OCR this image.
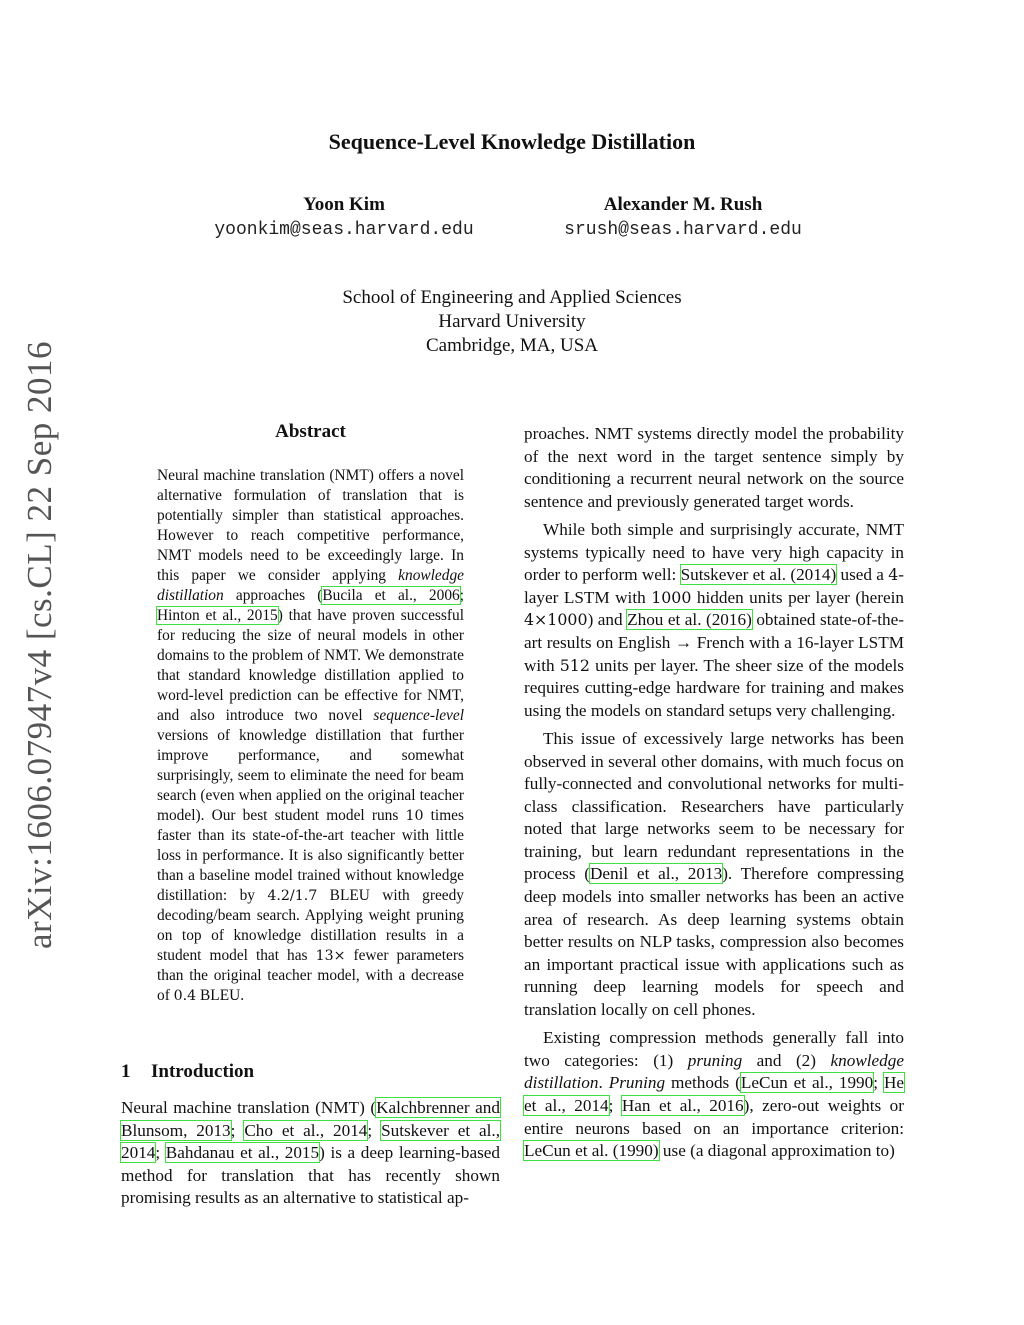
arXiv:1606.07947v4 [cs.CL] 22 Sep 2016
Sequence-Level Knowledge Distillation
Yoon Kim
yoonkim@seas.harvard.edu
Alexander M. Rush
srush@seas.harvard.edu
School of Engineering and Applied Sciences
Harvard University
Cambridge, MA, USA
Abstract
Neural machine translation (NMT) offers a novel alternative formulation of translation that is potentially simpler than statistical approaches. However to reach competitive performance, NMT models need to be exceedingly large. In this paper we consider applying knowledge distillation approaches (Bucila et al., 2006; Hinton et al., 2015) that have proven successful for reducing the size of neural models in other domains to the problem of NMT. We demonstrate that standard knowledge distillation applied to word-level prediction can be effective for NMT, and also introduce two novel sequence-level versions of knowledge distillation that further improve performance, and somewhat surprisingly, seem to eliminate the need for beam search (even when applied on the original teacher model). Our best student model runs 10 times faster than its state-of-the-art teacher with little loss in performance. It is also significantly better than a baseline model trained without knowledge distillation: by 4.2/1.7 BLEU with greedy decoding/beam search. Applying weight pruning on top of knowledge distillation results in a student model that has 13× fewer parameters than the original teacher model, with a decrease of 0.4 BLEU.
1 Introduction

Neural machine translation (NMT) (Kalchbrenner and Blunsom, 2013; Cho et al., 2014; Sutskever et al., 2014; Bahdanau et al., 2015) is a deep learning-based method for translation that has recently shown promising results as an alternative to statistical ap-

proaches. NMT systems directly model the probability of the next word in the target sentence simply by conditioning a recurrent neural network on the source sentence and previously generated target words.

While both simple and surprisingly accurate, NMT systems typically need to have very high capacity in order to perform well: Sutskever et al. (2014) used a 4-layer LSTM with 1000 hidden units per layer (herein 4×1000) and Zhou et al. (2016) obtained state-of-the-art results on English → French with a 16-layer LSTM with 512 units per layer. The sheer size of the models requires cutting-edge hardware for training and makes using the models on standard setups very challenging.

This issue of excessively large networks has been observed in several other domains, with much focus on fully-connected and convolutional networks for multi-class classification. Researchers have particularly noted that large networks seem to be necessary for training, but learn redundant representations in the process (Denil et al., 2013). Therefore compressing deep models into smaller networks has been an active area of research. As deep learning systems obtain better results on NLP tasks, compression also becomes an important practical issue with applications such as running deep learning models for speech and translation locally on cell phones.

Existing compression methods generally fall into two categories: (1) pruning and (2) knowledge distillation. Pruning methods (LeCun et al., 1990; He et al., 2014; Han et al., 2016), zero-out weights or entire neurons based on an importance criterion: LeCun et al. (1990) use (a diagonal approximation to)
